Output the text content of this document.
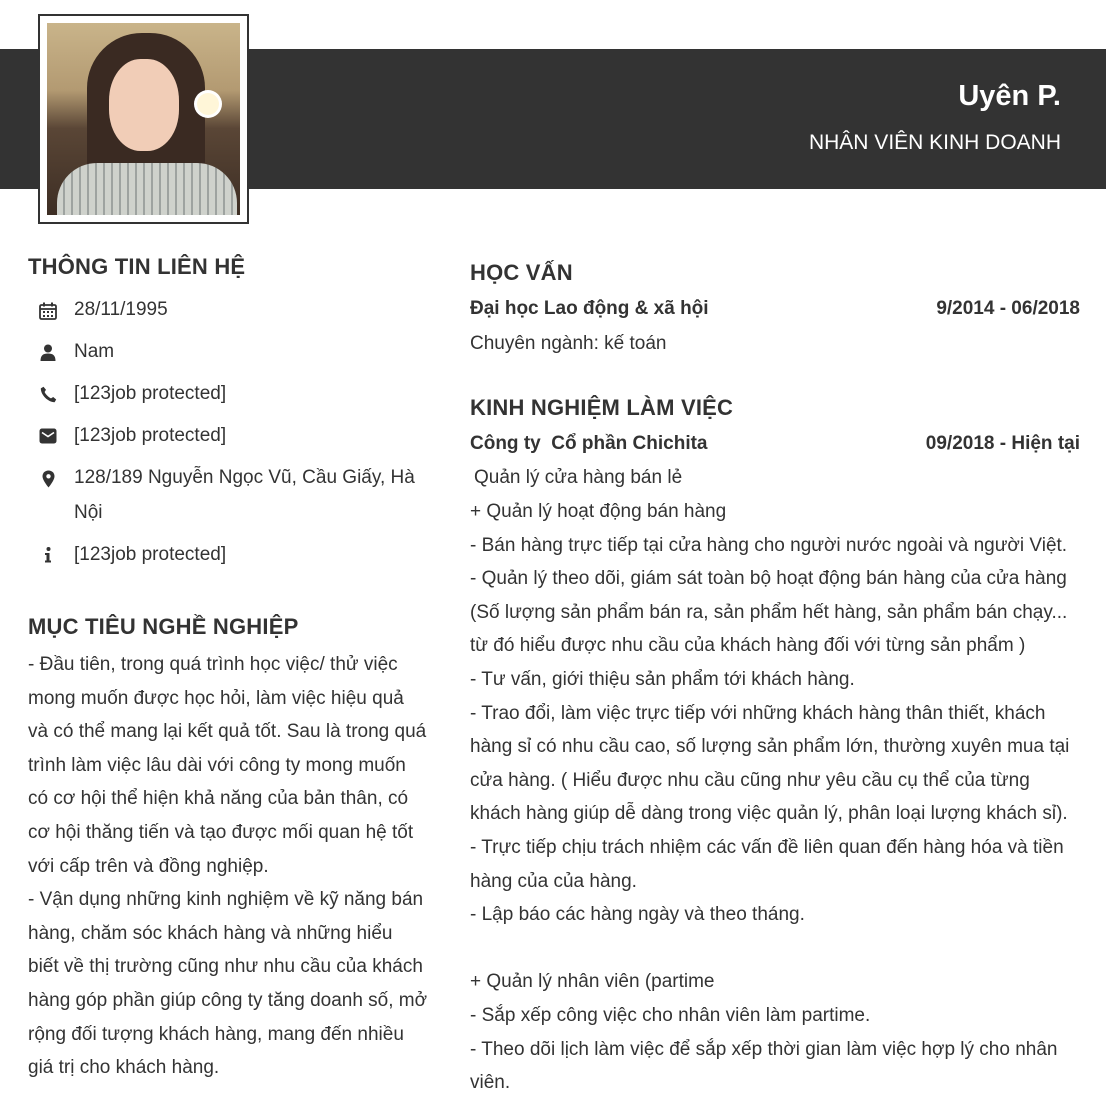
Uyên P.
NHÂN VIÊN KINH DOANH
THÔNG TIN LIÊN HỆ
28/11/1995
Nam
[123job protected]
[123job protected]
128/189 Nguyễn Ngọc Vũ, Cầu Giấy, Hà Nội
[123job protected]
MỤC TIÊU NGHỀ NGHIỆP
- Đầu tiên, trong quá trình học việc/ thử việc mong muốn được học hỏi, làm việc hiệu quả và có thể mang lại kết quả tốt. Sau là trong quá trình làm việc lâu dài với công ty mong muốn có cơ hội thể hiện khả năng của bản thân, có cơ hội thăng tiến và tạo được mối quan hệ tốt với cấp trên và đồng nghiệp.
- Vận dụng những kinh nghiệm về kỹ năng bán hàng, chăm sóc khách hàng và những hiểu biết về thị trường cũng như nhu cầu của khách hàng góp phần giúp công ty tăng doanh số, mở rộng đối tượng khách hàng, mang đến nhiều giá trị cho khách hàng.
HỌC VẤN
Đại học Lao động & xã hội	9/2014 - 06/2018
Chuyên ngành: kế toán
KINH NGHIỆM LÀM VIỆC
Công ty  Cổ phần Chichita	09/2018 - Hiện tại
Quản lý cửa hàng bán lẻ
+ Quản lý hoạt động bán hàng
- Bán hàng trực tiếp tại cửa hàng cho người nước ngoài và người Việt.
- Quản lý theo dõi, giám sát toàn bộ hoạt động bán hàng của cửa hàng (Số lượng sản phẩm bán ra, sản phẩm hết hàng, sản phẩm bán chạy... từ đó hiểu được nhu cầu của khách hàng đối với từng sản phẩm )
- Tư vấn, giới thiệu sản phẩm tới khách hàng.
- Trao đổi, làm việc trực tiếp với những khách hàng thân thiết, khách hàng sỉ có nhu cầu cao, số lượng sản phẩm lớn, thường xuyên mua tại cửa hàng. ( Hiểu được nhu cầu cũng như yêu cầu cụ thể của từng khách hàng giúp dễ dàng trong việc quản lý, phân loại lượng khách sỉ).
- Trực tiếp chịu trách nhiệm các vấn đề liên quan đến hàng hóa và tiền hàng của của hàng.
- Lập báo các hàng ngày và theo tháng.

+ Quản lý nhân viên (partime
- Sắp xếp công việc cho nhân viên làm partime.
- Theo dõi lịch làm việc để sắp xếp thời gian làm việc hợp lý cho nhân viên.
